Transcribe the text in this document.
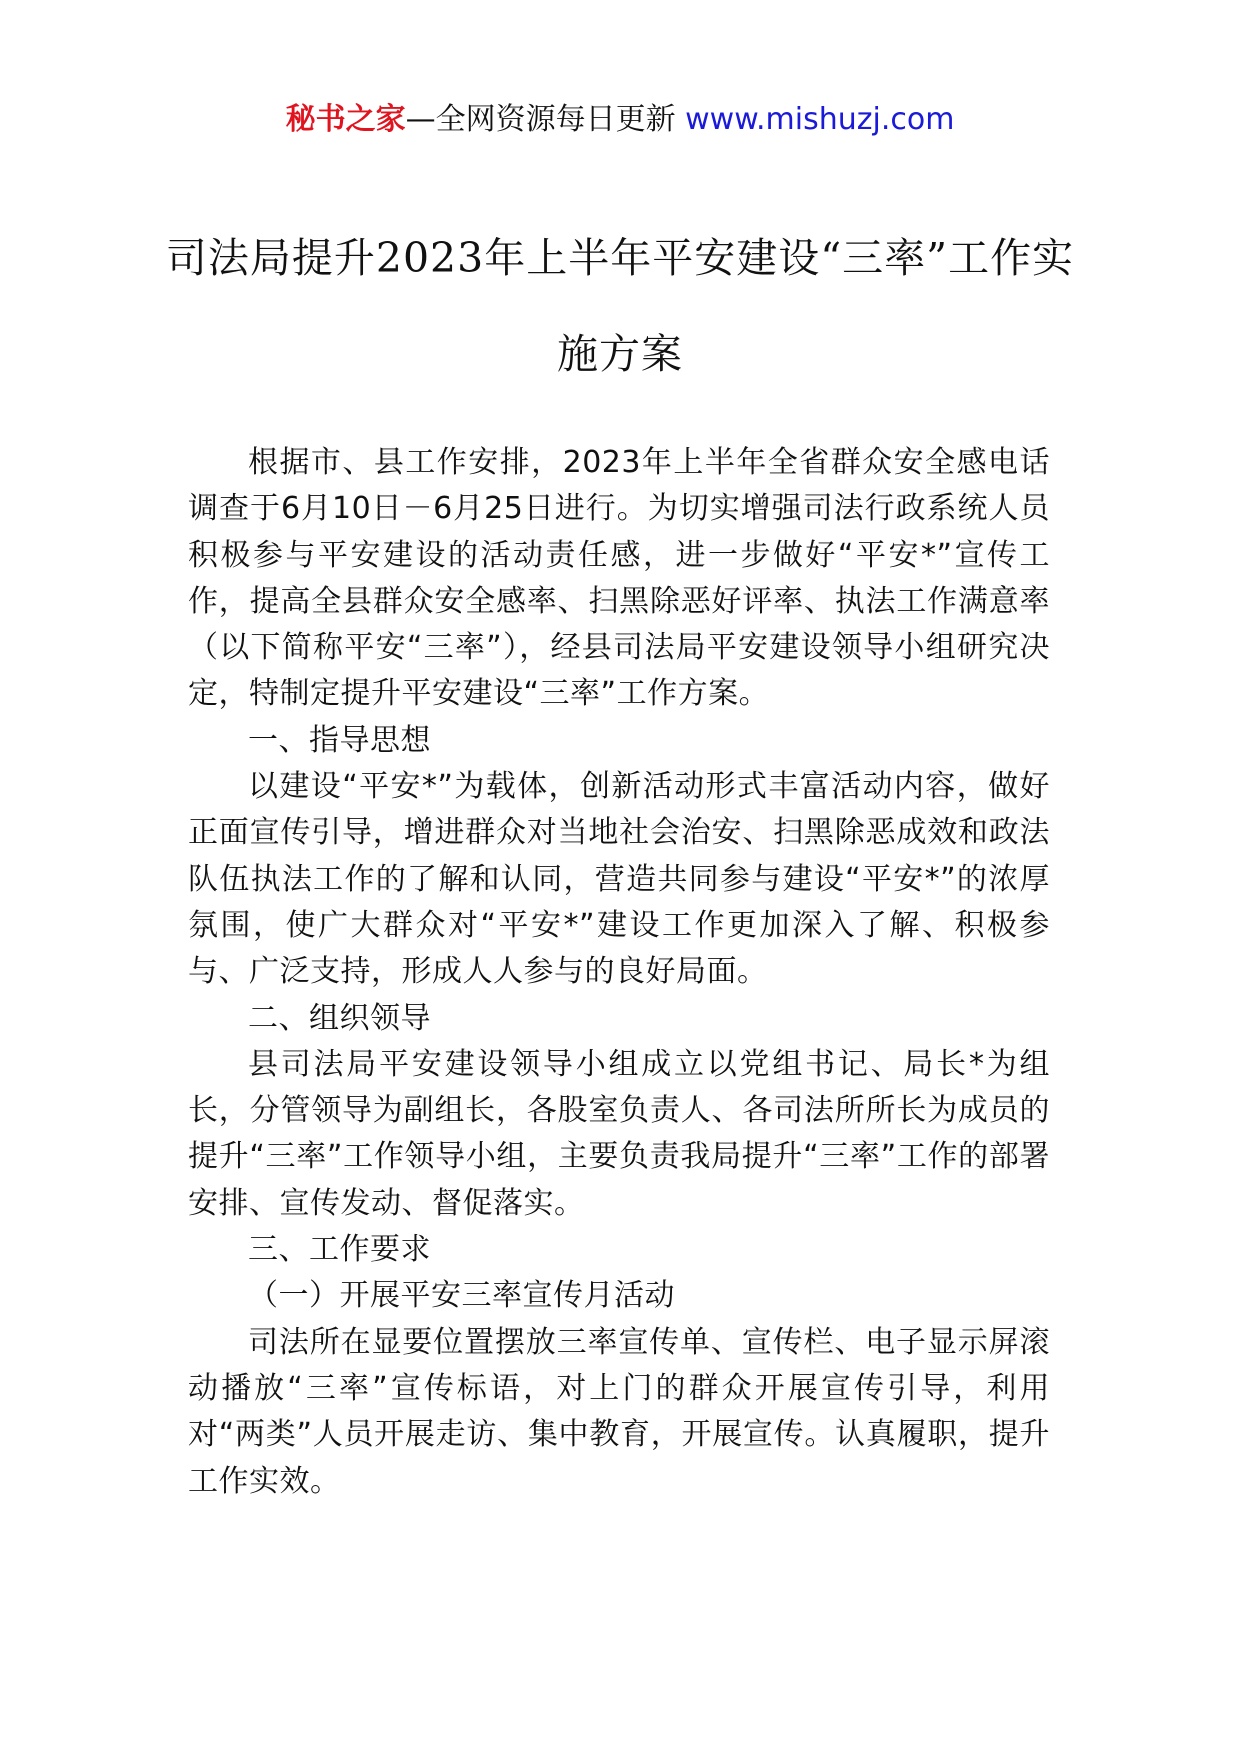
秘书之家—全网资源每日更新 www.mishuzj.com
司法局提升2023年上半年平安建设“三率”工作实施方案

根据市、县工作安排，2023年上半年全省群众安全感电话调查于6月10日－6月25日进行。为切实增强司法行政系统人员积极参与平安建设的活动责任感，进一步做好“平安*”宣传工作，提高全县群众安全感率、扫黑除恶好评率、执法工作满意率（以下简称平安“三率”），经县司法局平安建设领导小组研究决定，特制定提升平安建设“三率”工作方案。

一、指导思想

以建设“平安*”为载体，创新活动形式丰富活动内容，做好正面宣传引导，增进群众对当地社会治安、扫黑除恶成效和政法队伍执法工作的了解和认同，营造共同参与建设“平安*”的浓厚氛围，使广大群众对“平安*”建设工作更加深入了解、积极参与、广泛支持，形成人人参与的良好局面。

二、组织领导

县司法局平安建设领导小组成立以党组书记、局长*为组长，分管领导为副组长，各股室负责人、各司法所所长为成员的提升“三率”工作领导小组，主要负责我局提升“三率”工作的部署安排、宣传发动、督促落实。

三、工作要求

（一）开展平安三率宣传月活动

司法所在显要位置摆放三率宣传单、宣传栏、电子显示屏滚动播放“三率”宣传标语，对上门的群众开展宣传引导，利用对“两类”人员开展走访、集中教育，开展宣传。认真履职，提升工作实效。
